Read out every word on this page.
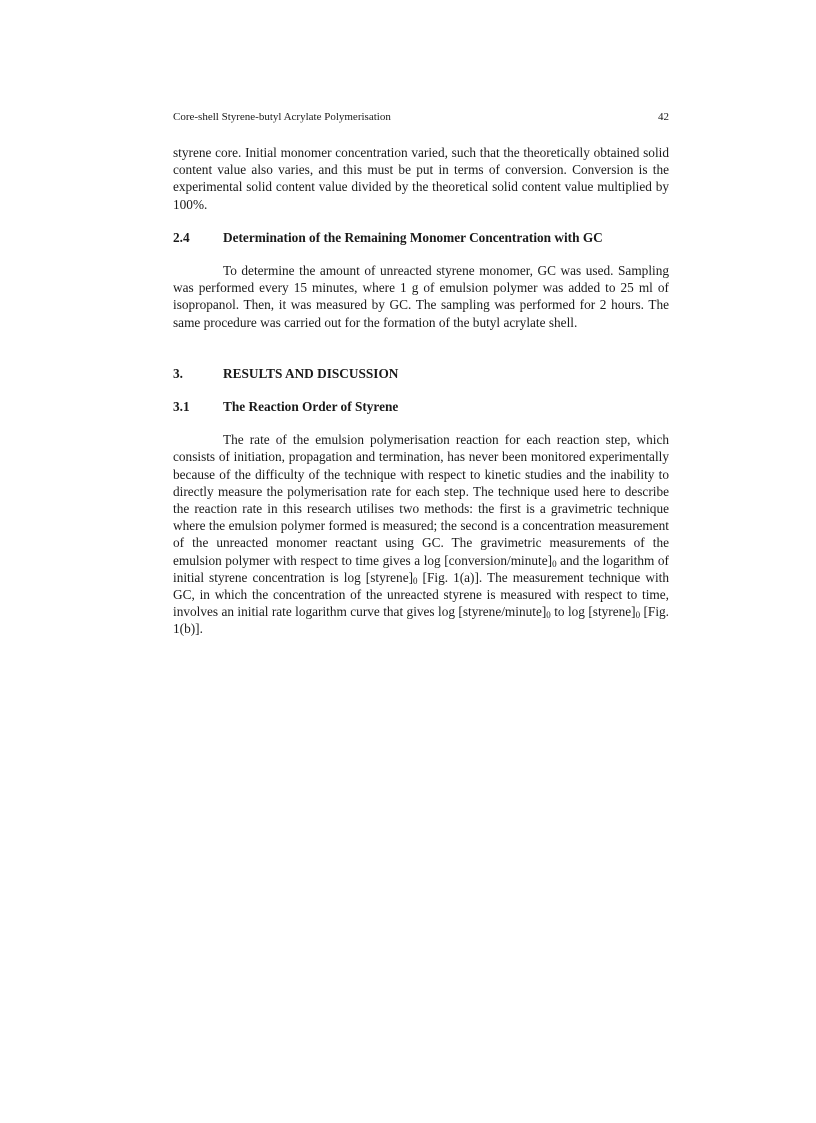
Core-shell Styrene-butyl Acrylate Polymerisation	42

styrene core. Initial monomer concentration varied, such that the theoretically obtained solid content value also varies, and this must be put in terms of conversion. Conversion is the experimental solid content value divided by the theoretical solid content value multiplied by 100%.

2.4	Determination of the Remaining Monomer Concentration with GC

To determine the amount of unreacted styrene monomer, GC was used. Sampling was performed every 15 minutes, where 1 g of emulsion polymer was added to 25 ml of isopropanol. Then, it was measured by GC. The sampling was performed for 2 hours. The same procedure was carried out for the formation of the butyl acrylate shell.

3.	RESULTS AND DISCUSSION
3.1	The Reaction Order of Styrene

The rate of the emulsion polymerisation reaction for each reaction step, which consists of initiation, propagation and termination, has never been monitored experimentally because of the difficulty of the technique with respect to kinetic studies and the inability to directly measure the polymerisation rate for each step. The technique used here to describe the reaction rate in this research utilises two methods: the first is a gravimetric technique where the emulsion polymer formed is measured; the second is a concentration measurement of the unreacted monomer reactant using GC. The gravimetric measurements of the emulsion polymer with respect to time gives a $\log [conversion/minute]_0$ and the logarithm of initial styrene concentration is $\log [styrene]_0$ [Fig. 1(a)]. The measurement technique with GC, in which the concentration of the unreacted styrene is measured with respect to time, involves an initial rate logarithm curve that gives $\log [styrene/minute]_0$ to $\log [styrene]_0$ [Fig. 1(b)].
